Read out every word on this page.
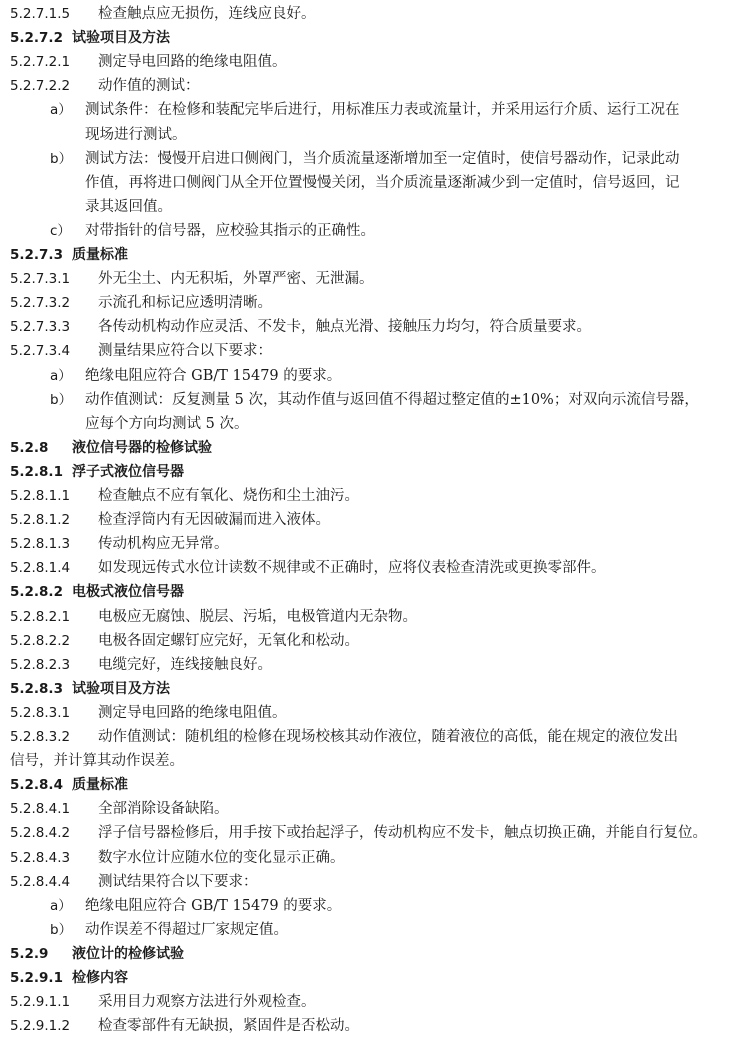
5.2.7.1.5 检查触点应无损伤，连线应良好。
5.2.7.2 试验项目及方法
5.2.7.2.1 测定导电回路的绝缘电阻值。
5.2.7.2.2 动作值的测试：
a） 测试条件：在检修和装配完毕后进行，用标准压力表或流量计，并采用运行介质、运行工况在
现场进行测试。
b） 测试方法：慢慢开启进口侧阀门，当介质流量逐渐增加至一定值时，使信号器动作，记录此动
作值，再将进口侧阀门从全开位置慢慢关闭，当介质流量逐渐减少到一定值时，信号返回，记
录其返回值。
c） 对带指针的信号器，应校验其指示的正确性。
5.2.7.3 质量标准
5.2.7.3.1 外无尘土、内无积垢，外罩严密、无泄漏。
5.2.7.3.2 示流孔和标记应透明清晰。
5.2.7.3.3 各传动机构动作应灵活、不发卡，触点光滑、接触压力均匀，符合质量要求。
5.2.7.3.4 测量结果应符合以下要求：
a） 绝缘电阻应符合 GB/T 15479 的要求。
b） 动作值测试：反复测量 5 次，其动作值与返回值不得超过整定值的±10%；对双向示流信号器，
应每个方向均测试 5 次。
5.2.8 液位信号器的检修试验
5.2.8.1 浮子式液位信号器
5.2.8.1.1 检查触点不应有氧化、烧伤和尘土油污。
5.2.8.1.2 检查浮筒内有无因破漏而进入液体。
5.2.8.1.3 传动机构应无异常。
5.2.8.1.4 如发现远传式水位计读数不规律或不正确时，应将仪表检查清洗或更换零部件。
5.2.8.2 电极式液位信号器
5.2.8.2.1 电极应无腐蚀、脱层、污垢，电极管道内无杂物。
5.2.8.2.2 电极各固定螺钉应完好，无氧化和松动。
5.2.8.2.3 电缆完好，连线接触良好。
5.2.8.3 试验项目及方法
5.2.8.3.1 测定导电回路的绝缘电阻值。
5.2.8.3.2 动作值测试：随机组的检修在现场校核其动作液位，随着液位的高低，能在规定的液位发出
信号，并计算其动作误差。
5.2.8.4 质量标准
5.2.8.4.1 全部消除设备缺陷。
5.2.8.4.2 浮子信号器检修后，用手按下或抬起浮子，传动机构应不发卡，触点切换正确，并能自行复位。
5.2.8.4.3 数字水位计应随水位的变化显示正确。
5.2.8.4.4 测试结果符合以下要求：
a） 绝缘电阻应符合 GB/T 15479 的要求。
b） 动作误差不得超过厂家规定值。
5.2.9 液位计的检修试验
5.2.9.1 检修内容
5.2.9.1.1 采用目力观察方法进行外观检查。
5.2.9.1.2 检查零部件有无缺损，紧固件是否松动。
